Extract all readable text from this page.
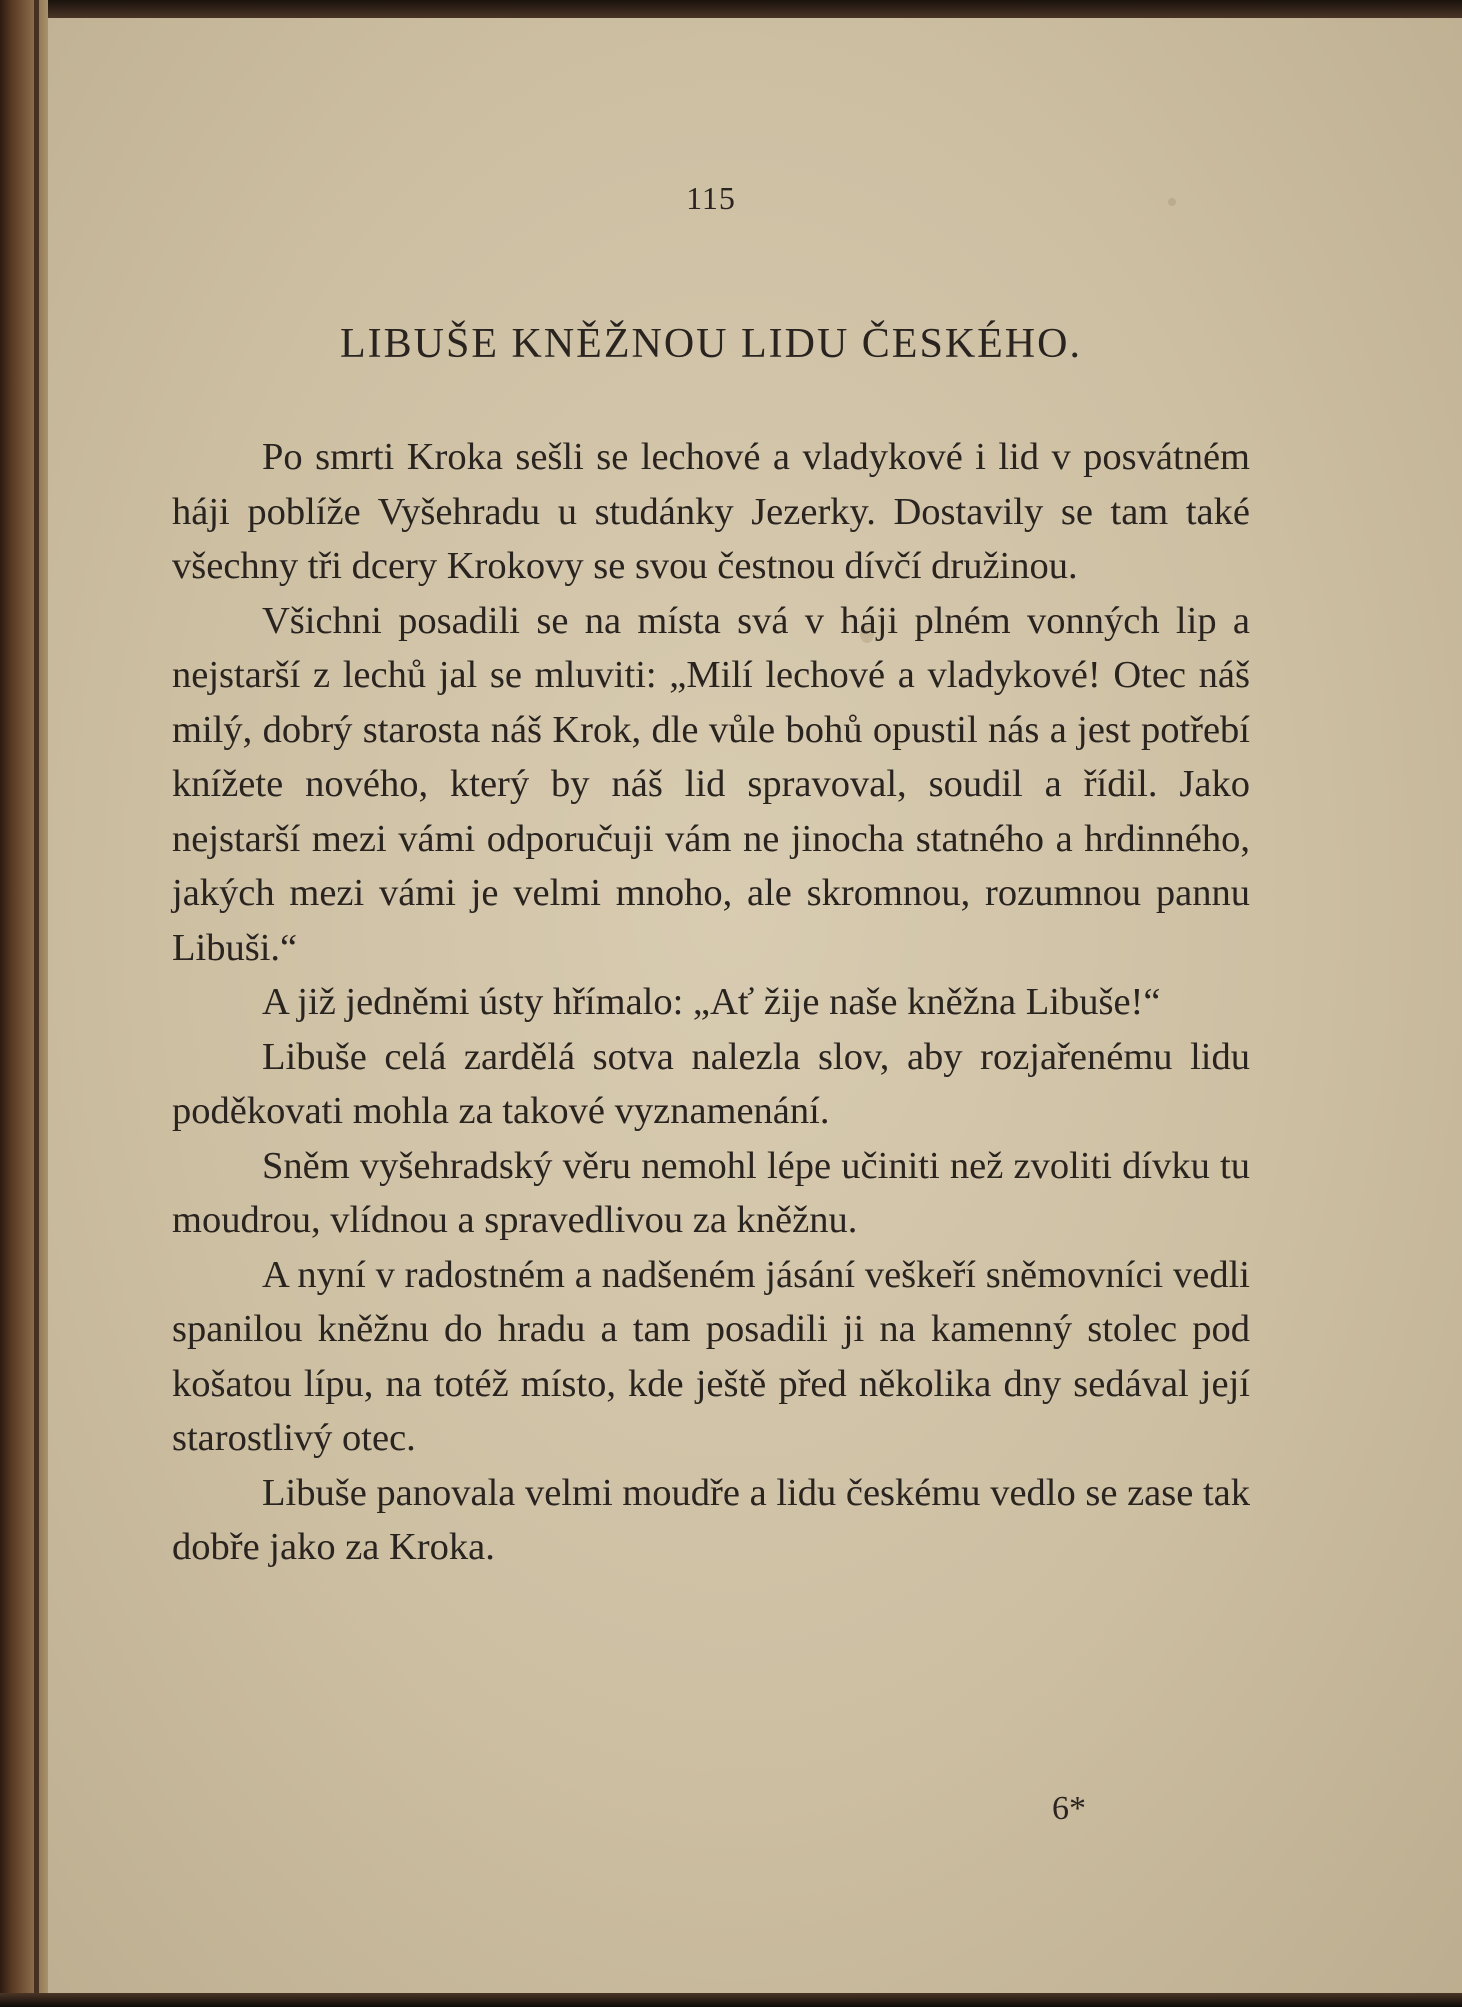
115
LIBUŠE KNĚŽNOU LIDU ČESKÉHO.

Po smrti Kroka sešli se lechové a vladykové i lid v posvátném háji poblíže Vyšehradu u studánky Jezerky. Dostavily se tam také všechny tři dcery Krokovy se svou čestnou dívčí družinou.

Všichni posadili se na místa svá v háji plném vonných lip a nejstarší z lechů jal se mluviti: „Milí lechové a vladykové! Otec náš milý, dobrý starosta náš Krok, dle vůle bohů opustil nás a jest potřebí knížete nového, který by náš lid spravoval, soudil a řídil. Jako nejstarší mezi vámi odporučuji vám ne jinocha statného a hrdinného, jakých mezi vámi je velmi mnoho, ale skromnou, rozumnou pannu Libuši.“

A již jedněmi ústy hřímalo: „Ať žije naše kněžna Libuše!“

Libuše celá zardělá sotva nalezla slov, aby rozjařenému lidu poděkovati mohla za takové vyznamenání.

Sněm vyšehradský věru nemohl lépe učiniti než zvoliti dívku tu moudrou, vlídnou a spravedlivou za kněžnu.

A nyní v radostném a nadšeném jásání veškeří sněmovníci vedli spanilou kněžnu do hradu a tam posadili ji na kamenný stolec pod košatou lípu, na totéž místo, kde ještě před několika dny sedával její starostlivý otec.

Libuše panovala velmi moudře a lidu českému vedlo se zase tak dobře jako za Kroka.

6*
